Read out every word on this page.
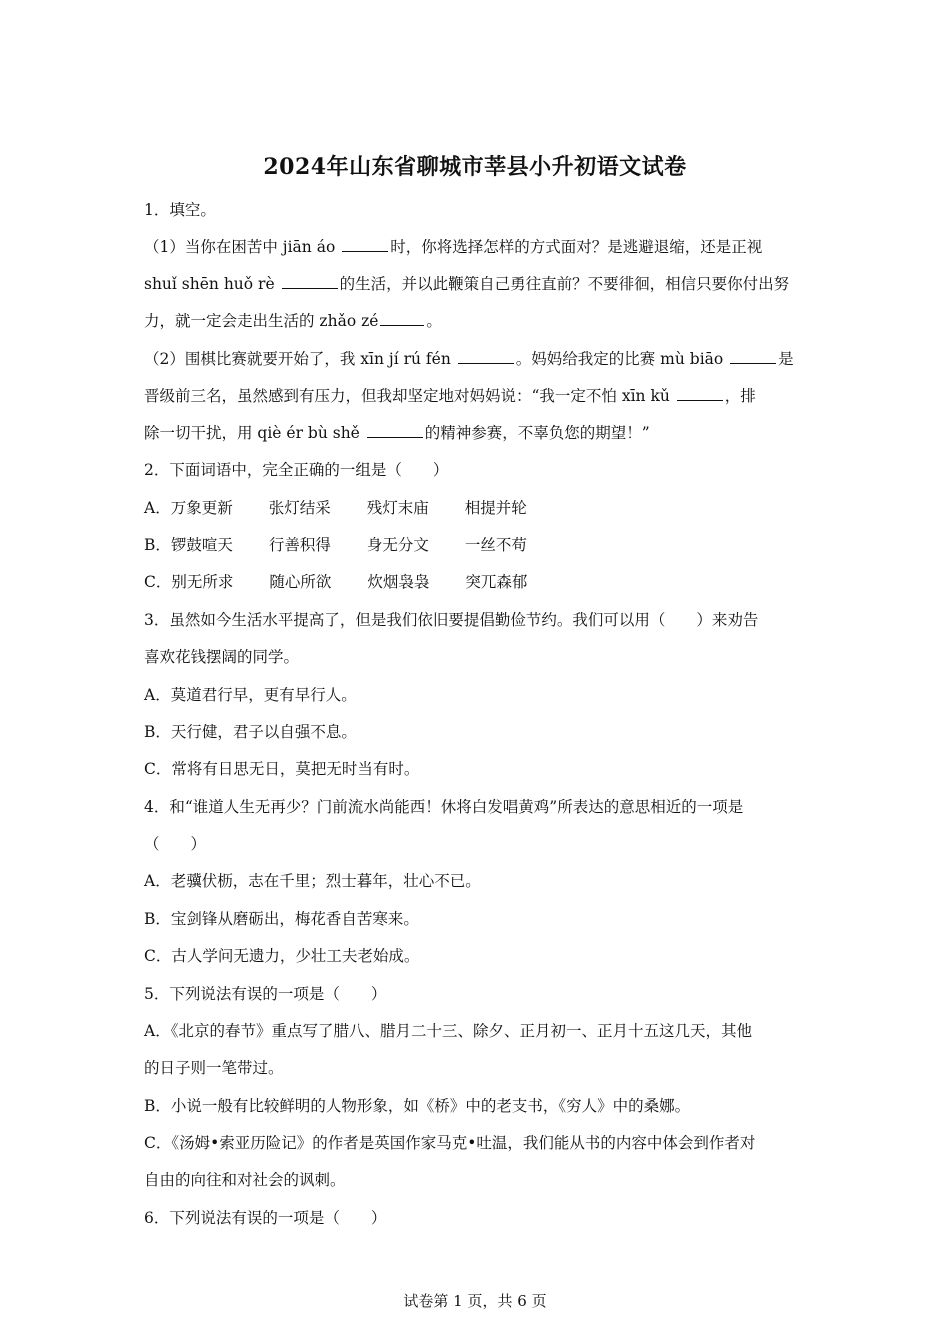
2024年山东省聊城市莘县小升初语文试卷
1．填空。
（1）当你在困苦中 jiān áo	时，你将选择怎样的方式面对？是逃避退缩，还是正视
shuǐ shēn huǒ rè	的生活，并以此鞭策自己勇往直前？不要徘徊，相信只要你付出努
力，就一定会走出生活的 zhǎo zé	。
（2）围棋比赛就要开始了，我 xīn jí rú fén	。妈妈给我定的比赛 mù biāo	是
晋级前三名，虽然感到有压力，但我却坚定地对妈妈说：“我一定不怕 xīn kǔ	，排
除一切干扰，用 qiè ér bù shě	的精神参赛，不辜负您的期望！”
2．下面词语中，完全正确的一组是（　　）
A．万象更新 张灯结采 残灯末庙 相提并轮
B．锣鼓喧天 行善积得 身无分文 一丝不苟
C．别无所求 随心所欲 炊烟袅袅 突兀森郁
3．虽然如今生活水平提高了，但是我们依旧要提倡勤俭节约。我们可以用（　　）来劝告
喜欢花钱摆阔的同学。
A．莫道君行早，更有早行人。
B．天行健，君子以自强不息。
C．常将有日思无日，莫把无时当有时。
4．和“谁道人生无再少？门前流水尚能西！休将白发唱黄鸡”所表达的意思相近的一项是
（　　）
A．老骥伏枥，志在千里；烈士暮年，壮心不已。
B．宝剑锋从磨砺出，梅花香自苦寒来。
C．古人学问无遗力，少壮工夫老始成。
5．下列说法有误的一项是（　　）
A．《北京的春节》重点写了腊八、腊月二十三、除夕、正月初一、正月十五这几天，其他
的日子则一笔带过。
B．小说一般有比较鲜明的人物形象，如《桥》中的老支书，《穷人》中的桑娜。
C．《汤姆•索亚历险记》的作者是英国作家马克•吐温，我们能从书的内容中体会到作者对
自由的向往和对社会的讽刺。
6．下列说法有误的一项是（　　）
试卷第 1 页，共 6 页
